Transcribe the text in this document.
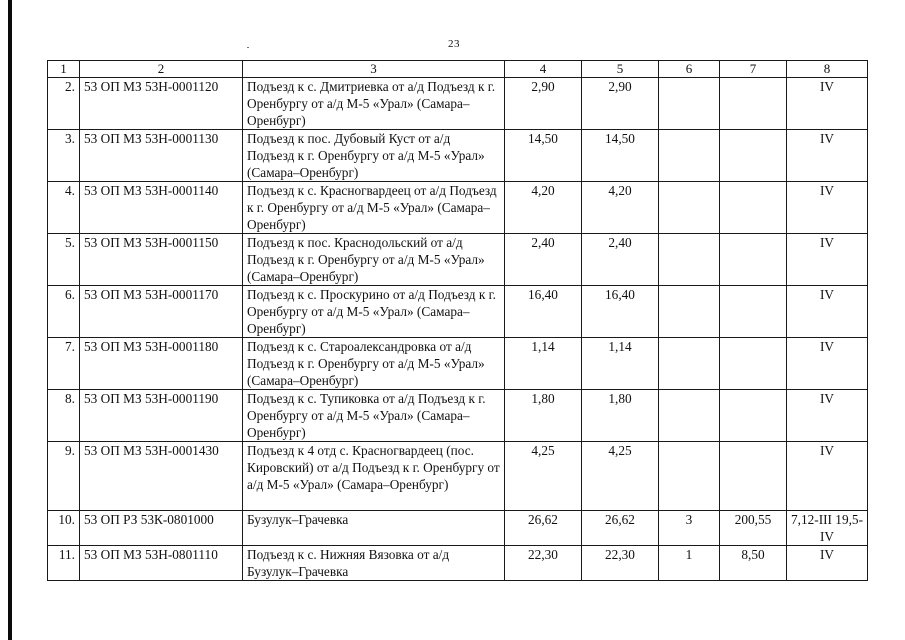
23
1	2	3	4	5	6	7	8
2.	53 ОП МЗ 53Н-0001120	Подъезд к с. Дмитриевка от а/д Подъезд к г. Оренбургу от а/д М-5 «Урал» (Самара–Оренбург)	2,90	2,90			IV
3.	53 ОП МЗ 53Н-0001130	Подъезд к пос. Дубовый Куст от а/д Подъезд к г. Оренбургу от а/д М-5 «Урал» (Самара–Оренбург)	14,50	14,50			IV
4.	53 ОП МЗ 53Н-0001140	Подъезд к с. Красногвардеец от а/д Подъезд к г. Оренбургу от а/д М-5 «Урал» (Самара–Оренбург)	4,20	4,20			IV
5.	53 ОП МЗ 53Н-0001150	Подъезд к пос. Краснодольский от а/д Подъезд к г. Оренбургу от а/д М-5 «Урал» (Самара–Оренбург)	2,40	2,40			IV
6.	53 ОП МЗ 53Н-0001170	Подъезд к с. Проскурино от а/д Подъезд к г. Оренбургу от а/д М-5 «Урал» (Самара–Оренбург)	16,40	16,40			IV
7.	53 ОП МЗ 53Н-0001180	Подъезд к с. Староалександровка от а/д Подъезд к г. Оренбургу от а/д М-5 «Урал» (Самара–Оренбург)	1,14	1,14			IV
8.	53 ОП МЗ 53Н-0001190	Подъезд к с. Тупиковка от а/д Подъезд к г. Оренбургу от а/д М-5 «Урал» (Самара–Оренбург)	1,80	1,80			IV
9.	53 ОП МЗ 53Н-0001430	Подъезд к 4 отд с. Красногвардеец (пос. Кировский) от а/д Подъезд к г. Оренбургу от а/д М-5 «Урал» (Самара–Оренбург)	4,25	4,25			IV
10.	53 ОП РЗ 53К-0801000	Бузулук–Грачевка	26,62	26,62	3	200,55	7,12-III 19,5-IV
11.	53 ОП МЗ 53Н-0801110	Подъезд к с. Нижняя Вязовка от а/д Бузулук–Грачевка	22,30	22,30	1	8,50	IV
